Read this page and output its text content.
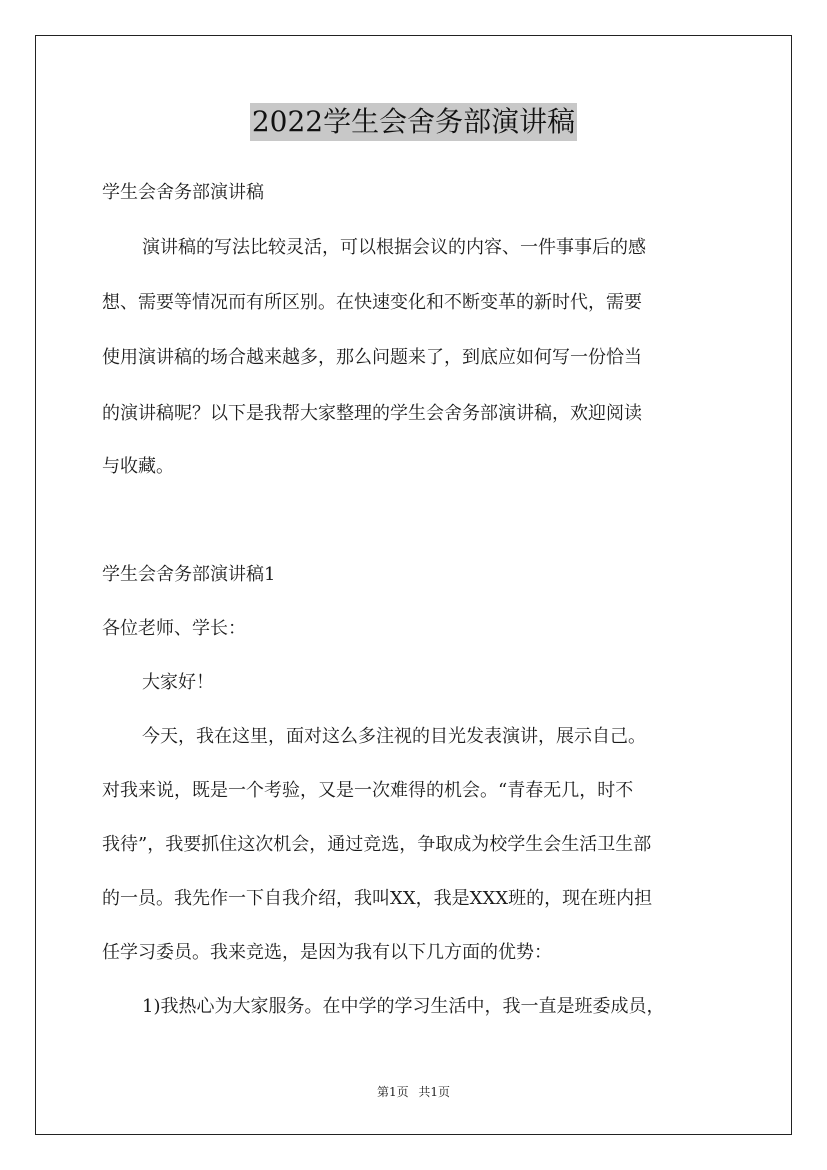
2022学生会舍务部演讲稿
学生会舍务部演讲稿
演讲稿的写法比较灵活，可以根据会议的内容、一件事事后的感
想、需要等情况而有所区别。在快速变化和不断变革的新时代，需要
使用演讲稿的场合越来越多，那么问题来了，到底应如何写一份恰当
的演讲稿呢？以下是我帮大家整理的学生会舍务部演讲稿，欢迎阅读
与收藏。
学生会舍务部演讲稿1
各位老师、学长：
大家好！
今天，我在这里，面对这么多注视的目光发表演讲，展示自己。
对我来说，既是一个考验，又是一次难得的机会。“青春无几，时不
我待”，我要抓住这次机会，通过竞选，争取成为校学生会生活卫生部
的一员。我先作一下自我介绍，我叫XX，我是XXX班的，现在班内担
任学习委员。我来竞选，是因为我有以下几方面的优势：
1)我热心为大家服务。在中学的学习生活中，我一直是班委成员，
第1页 共1页
